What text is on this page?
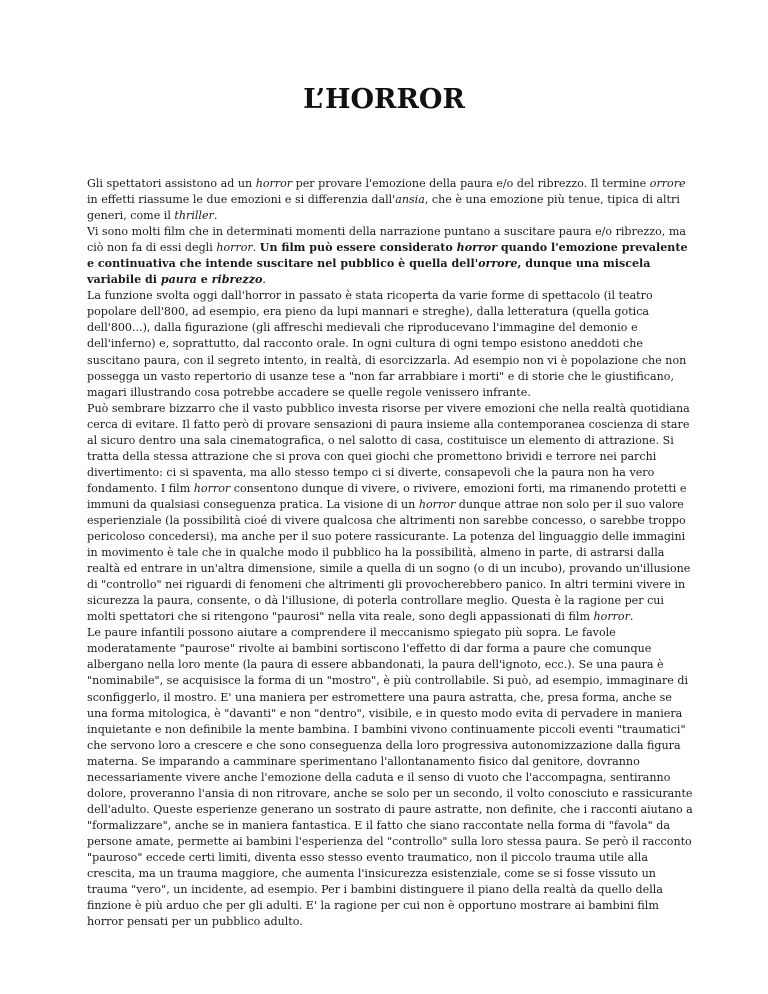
L’HORROR

Gli spettatori assistono ad un horror per provare l'emozione della paura e/o del ribrezzo. Il termine orrore in effetti riassume le due emozioni e si differenzia dall'ansia, che è una emozione più tenue, tipica di altri generi, come il thriller.

Vi sono molti film che in determinati momenti della narrazione puntano a suscitare paura e/o ribrezzo, ma ciò non fa di essi degli horror. Un film può essere considerato horror quando l'emozione prevalente e continuativa che intende suscitare nel pubblico è quella dell'orrore, dunque una miscela variabile di paura e ribrezzo.

La funzione svolta oggi dall'horror in passato è stata ricoperta da varie forme di spettacolo (il teatro popolare dell'800, ad esempio, era pieno da lupi mannari e streghe), dalla letteratura (quella gotica dell'800...), dalla figurazione (gli affreschi medievali che riproducevano l'immagine del demonio e dell'inferno) e, soprattutto, dal racconto orale. In ogni cultura di ogni tempo esistono aneddoti che suscitano paura, con il segreto intento, in realtà, di esorcizzarla. Ad esempio non vi è popolazione che non possegga un vasto repertorio di usanze tese a "non far arrabbiare i morti" e di storie che le giustificano, magari illustrando cosa potrebbe accadere se quelle regole venissero infrante.

Può sembrare bizzarro che il vasto pubblico investa risorse per vivere emozioni che nella realtà quotidiana cerca di evitare. Il fatto però di provare sensazioni di paura insieme alla contemporanea coscienza di stare al sicuro dentro una sala cinematografica, o nel salotto di casa, costituisce un elemento di attrazione. Si tratta della stessa attrazione che si prova con quei giochi che promettono brividi e terrore nei parchi divertimento: ci si spaventa, ma allo stesso tempo ci si diverte, consapevoli che la paura non ha vero fondamento. I film horror consentono dunque di vivere, o rivivere, emozioni forti, ma rimanendo protetti e immuni da qualsiasi conseguenza pratica. La visione di un horror dunque attrae non solo per il suo valore esperienziale (la possibilità cioé di vivere qualcosa che altrimenti non sarebbe concesso, o sarebbe troppo pericoloso concedersi), ma anche per il suo potere rassicurante. La potenza del linguaggio delle immagini in movimento è tale che in qualche modo il pubblico ha la possibilità, almeno in parte, di astrarsi dalla realtà ed entrare in un'altra dimensione, simile a quella di un sogno (o di un incubo), provando un'illusione di "controllo" nei riguardi di fenomeni che altrimenti gli provocherebbero panico. In altri termini vivere in sicurezza la paura, consente, o dà l'illusione, di poterla controllare meglio. Questa è la ragione per cui molti spettatori che si ritengono "paurosi" nella vita reale, sono degli appassionati di film horror.

Le paure infantili possono aiutare a comprendere il meccanismo spiegato più sopra. Le favole moderatamente "paurose" rivolte ai bambini sortiscono l'effetto di dar forma a paure che comunque albergano nella loro mente (la paura di essere abbandonati, la paura dell'ignoto, ecc.). Se una paura è "nominabile", se acquisisce la forma di un "mostro", è più controllabile. Si può, ad esempio, immaginare di sconfiggerlo, il mostro. E' una maniera per estromettere una paura astratta, che, presa forma, anche se una forma mitologica, è "davanti" e non "dentro", visibile, e in questo modo evita di pervadere in maniera inquietante e non definibile la mente bambina. I bambini vivono continuamente piccoli eventi "traumatici" che servono loro a crescere e che sono conseguenza della loro progressiva autonomizzazione dalla figura materna. Se imparando a camminare sperimentano l'allontanamento fisico dal genitore, dovranno necessariamente vivere anche l'emozione della caduta e il senso di vuoto che l'accompagna, sentiranno dolore, proveranno l'ansia di non ritrovare, anche se solo per un secondo, il volto conosciuto e rassicurante dell'adulto. Queste esperienze generano un sostrato di paure astratte, non definite, che i racconti aiutano a "formalizzare", anche se in maniera fantastica. E il fatto che siano raccontate nella forma di "favola" da persone amate, permette ai bambini l'esperienza del "controllo" sulla loro stessa paura. Se però il racconto "pauroso" eccede certi limiti, diventa esso stesso evento traumatico, non il piccolo trauma utile alla crescita, ma un trauma maggiore, che aumenta l'insicurezza esistenziale, come se si fosse vissuto un trauma "vero", un incidente, ad esempio. Per i bambini distinguere il piano della realtà da quello della finzione è più arduo che per gli adulti. E' la ragione per cui non è opportuno mostrare ai bambini film horror pensati per un pubblico adulto.
